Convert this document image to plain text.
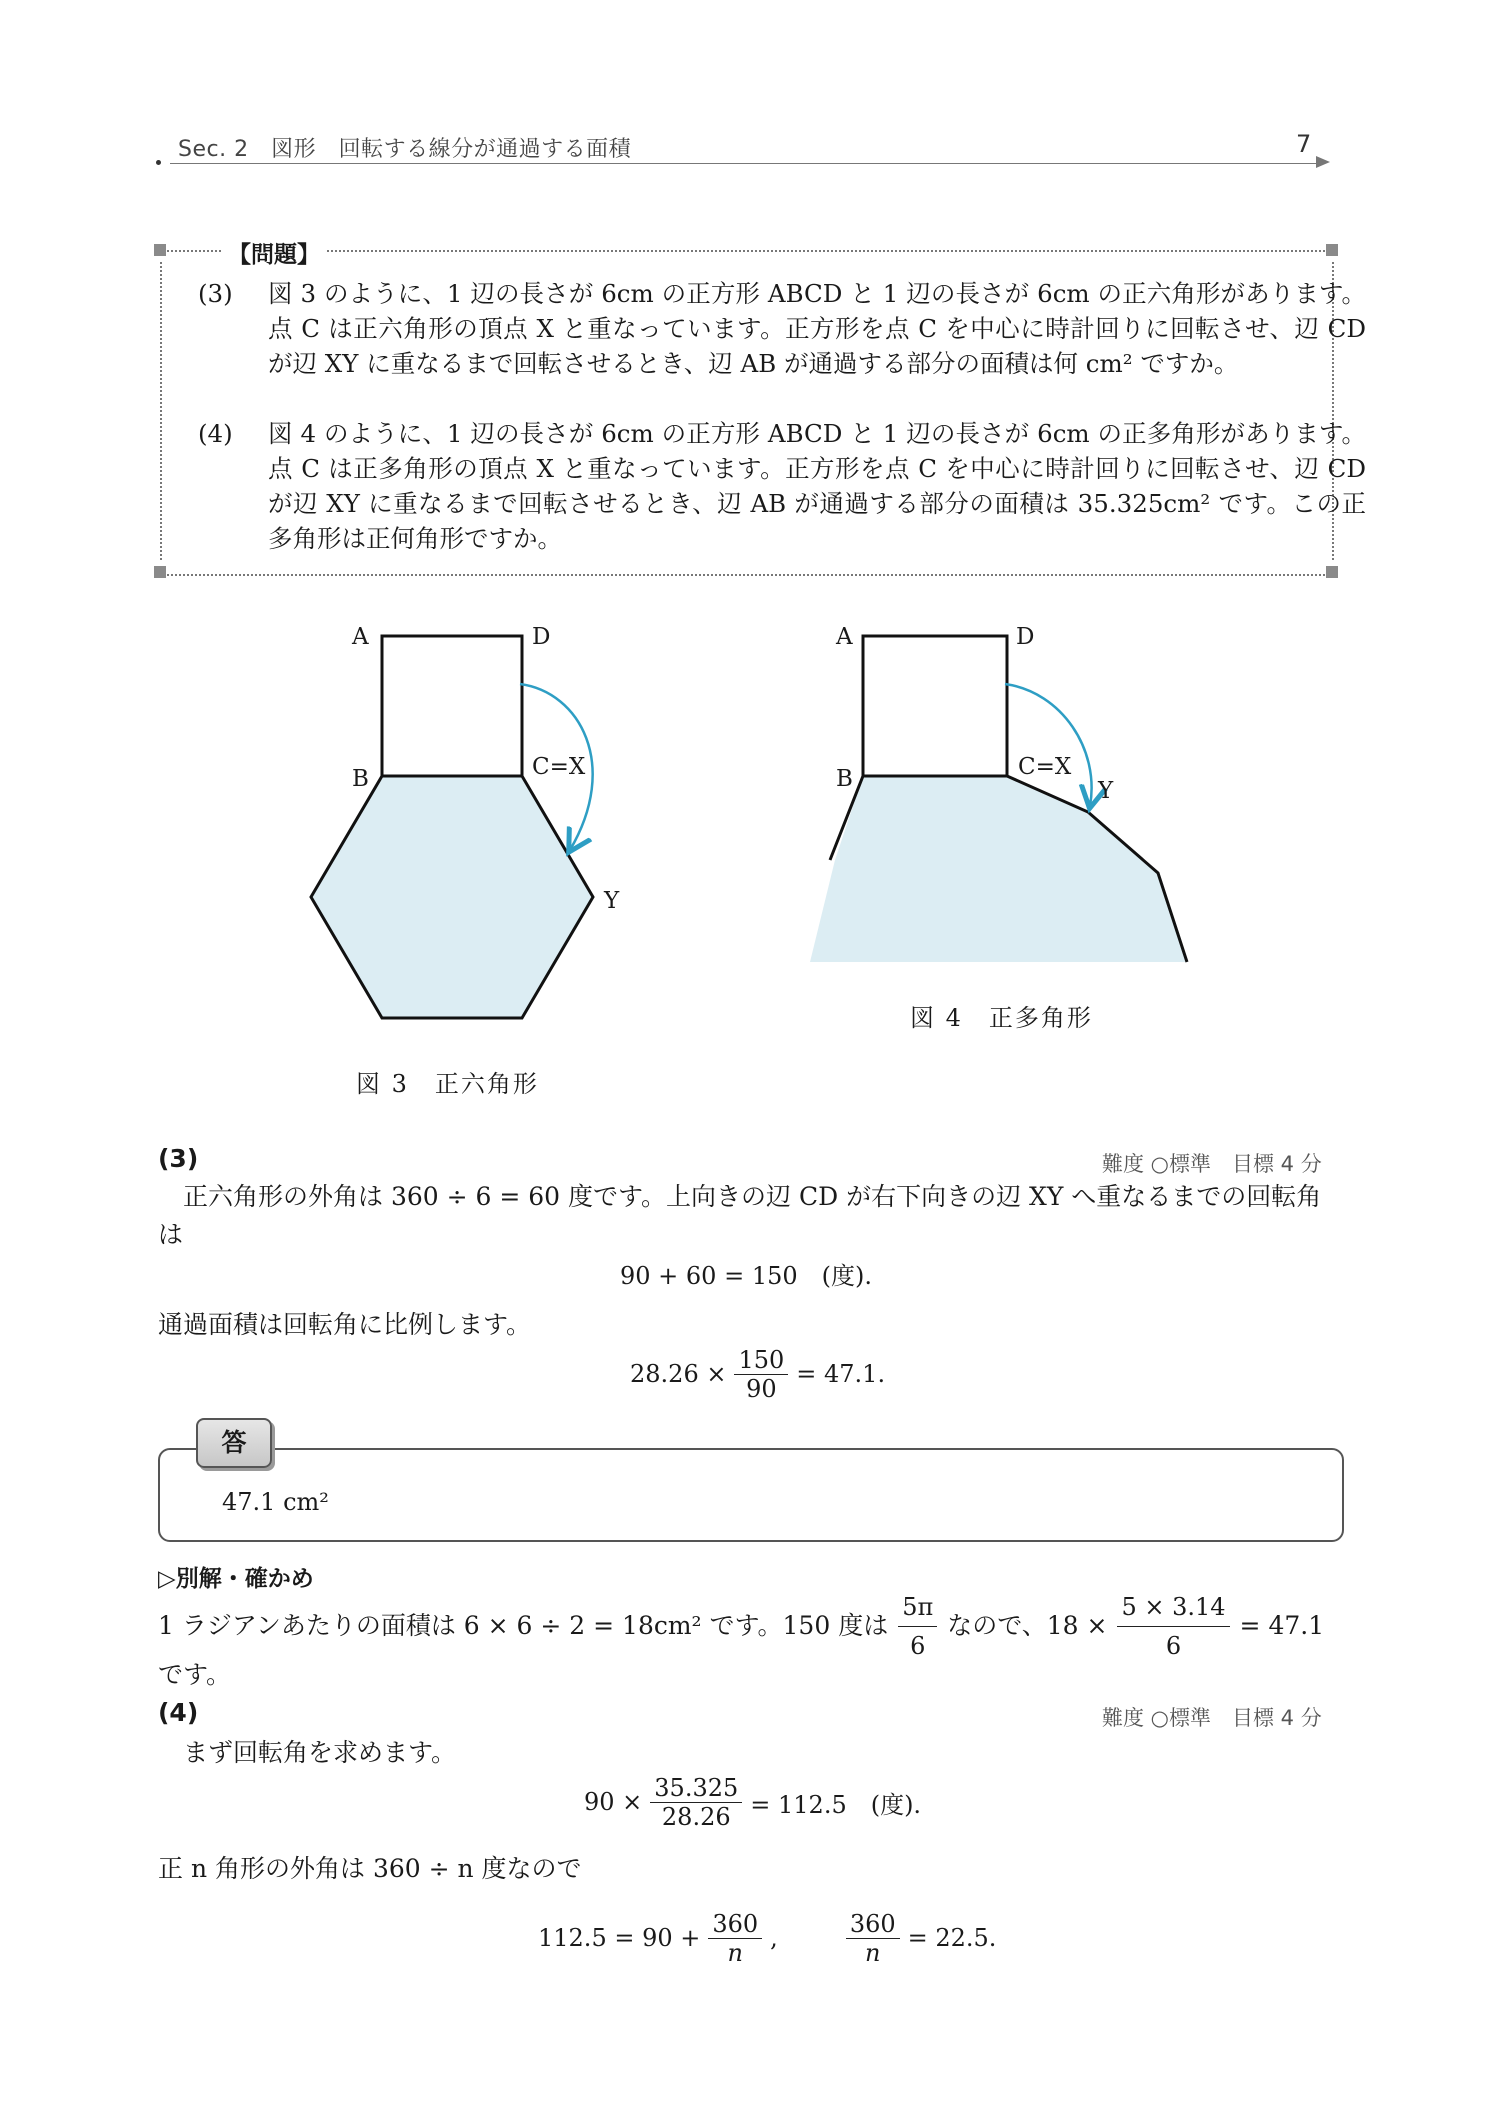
Sec. 2　図形　回転する線分が通過する面積	7
【問題】
(3)	図 3 のように、1 辺の長さが 6cm の正方形 ABCD と 1 辺の長さが 6cm の正六角形があります。点 C は正六角形の頂点 X と重なっています。正方形を点 C を中心に時計回りに回転させ、辺 CD が辺 XY に重なるまで回転させるとき、辺 AB が通過する部分の面積は何 cm² ですか。
(4)	図 4 のように、1 辺の長さが 6cm の正方形 ABCD と 1 辺の長さが 6cm の正多角形があります。点 C は正多角形の頂点 X と重なっています。正方形を点 C を中心に時計回りに回転させ、辺 CD が辺 XY に重なるまで回転させるとき、辺 AB が通過する部分の面積は 35.325cm² です。この正多角形は正何角形ですか。
A	D
B	C=X
Y
図 3　正六角形
A	D
B	C=X
Y
図 4　正多角形
(3)	難度 ○標準　目標 4 分
　正六角形の外角は 360 ÷ 6 = 60 度です。上向きの辺 CD が右下向きの辺 XY へ重なるまでの回転角は
90 + 60 = 150　(度).
通過面積は回転角に比例します。
$28.26 \times \frac{150}{90} = 47.1$.
答
47.1 cm²
▷別解・確かめ
1 ラジアンあたりの面積は 6 × 6 ÷ 2 = 18cm² です。150 度は $\frac{5\pi}{6}$ なので、$18 \times \frac{5 \times 3.14}{6} = 47.1$
です。
(4)	難度 ○標準　目標 4 分
　まず回転角を求めます。
$90 \times \frac{35.325}{28.26} = 112.5$　(度).
正 n 角形の外角は 360 ÷ n 度なので
$112.5 = 90 + \frac{360}{n}$ ,	$\frac{360}{n} = 22.5$.
